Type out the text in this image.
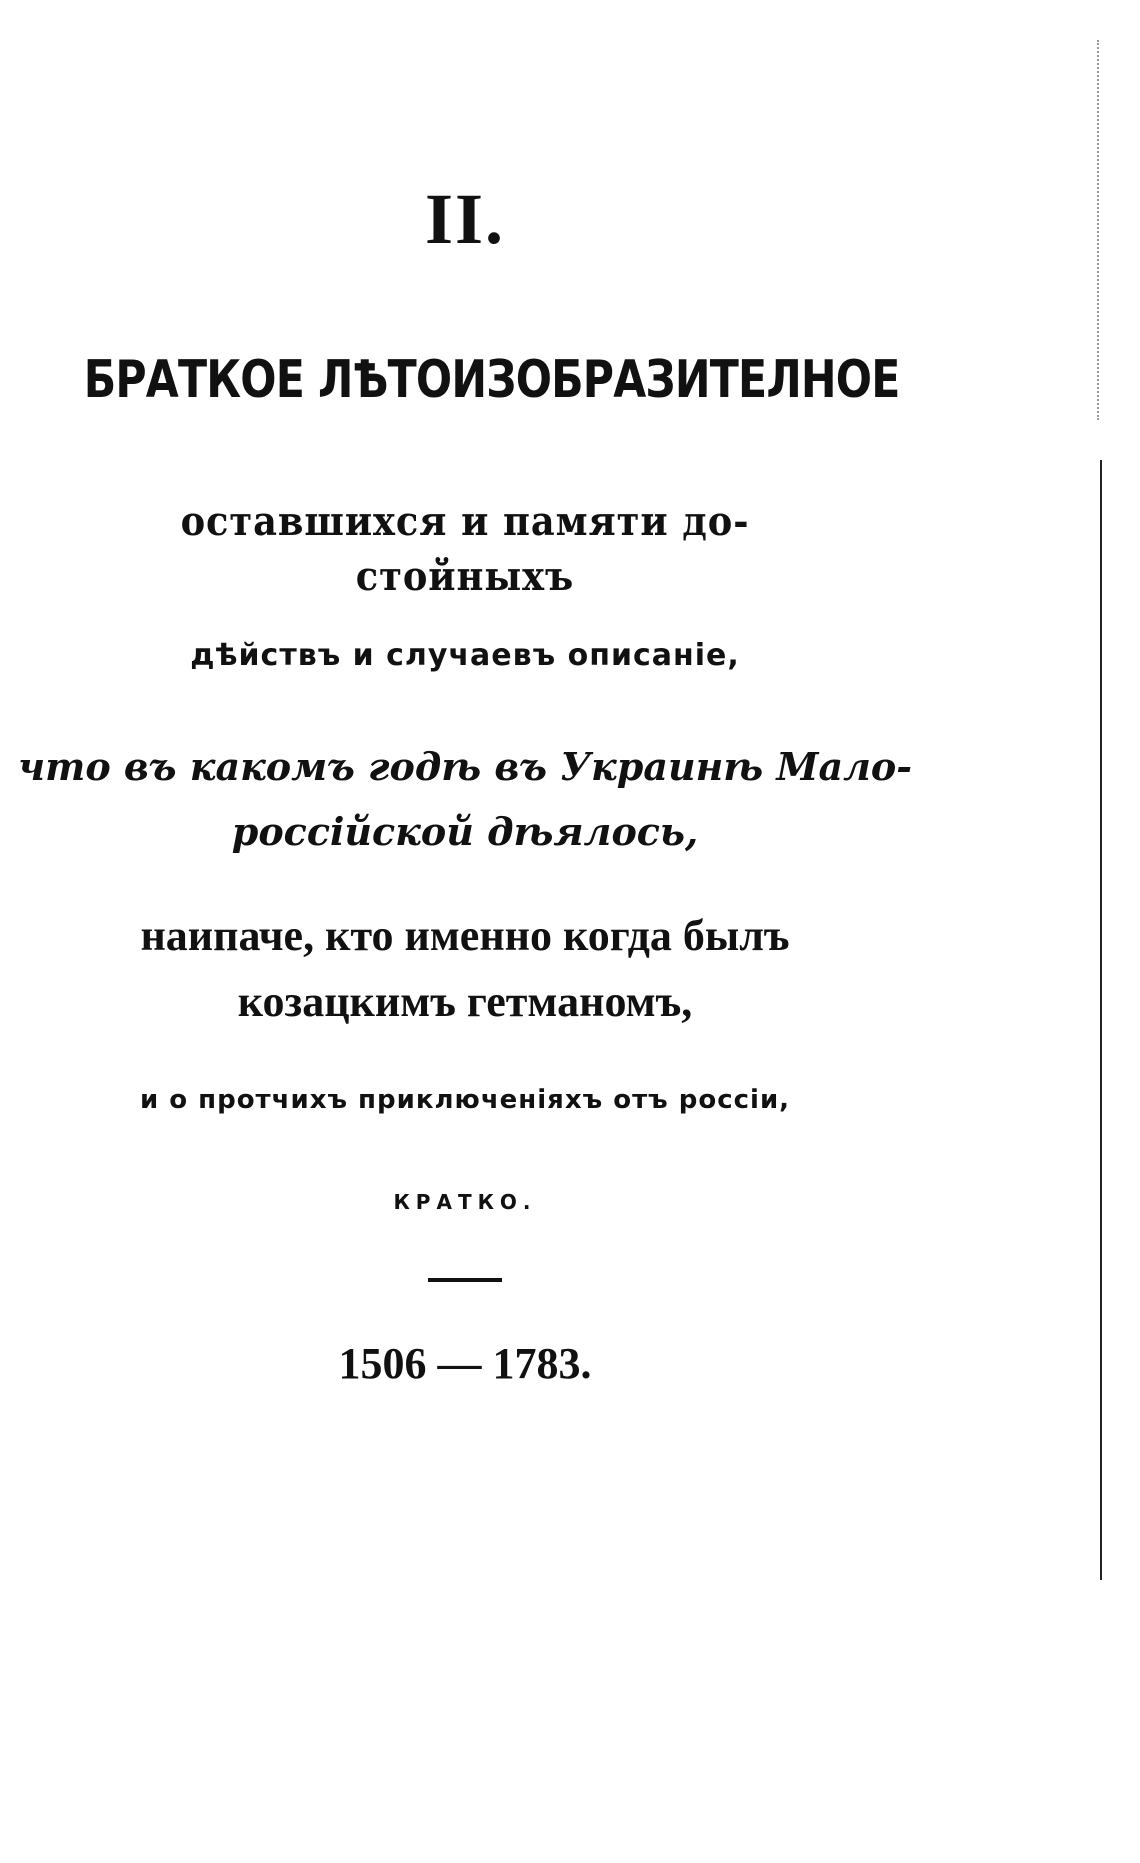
II.

БРАТКОЕ ЛѢТОИЗОБРАЗИТЕЛНОЕ

оставшихся и памяти до-

стойныхъ

дѣйствъ и случаевъ описаніе,

что въ какомъ годѣ въ Украинѣ Мало-

россійской дѣялось,

наипаче, кто именно когда былъ

козацкимъ гетманомъ,

и о протчихъ приключеніяхъ отъ россіи,

КРАТКО.

1506 — 1783.
